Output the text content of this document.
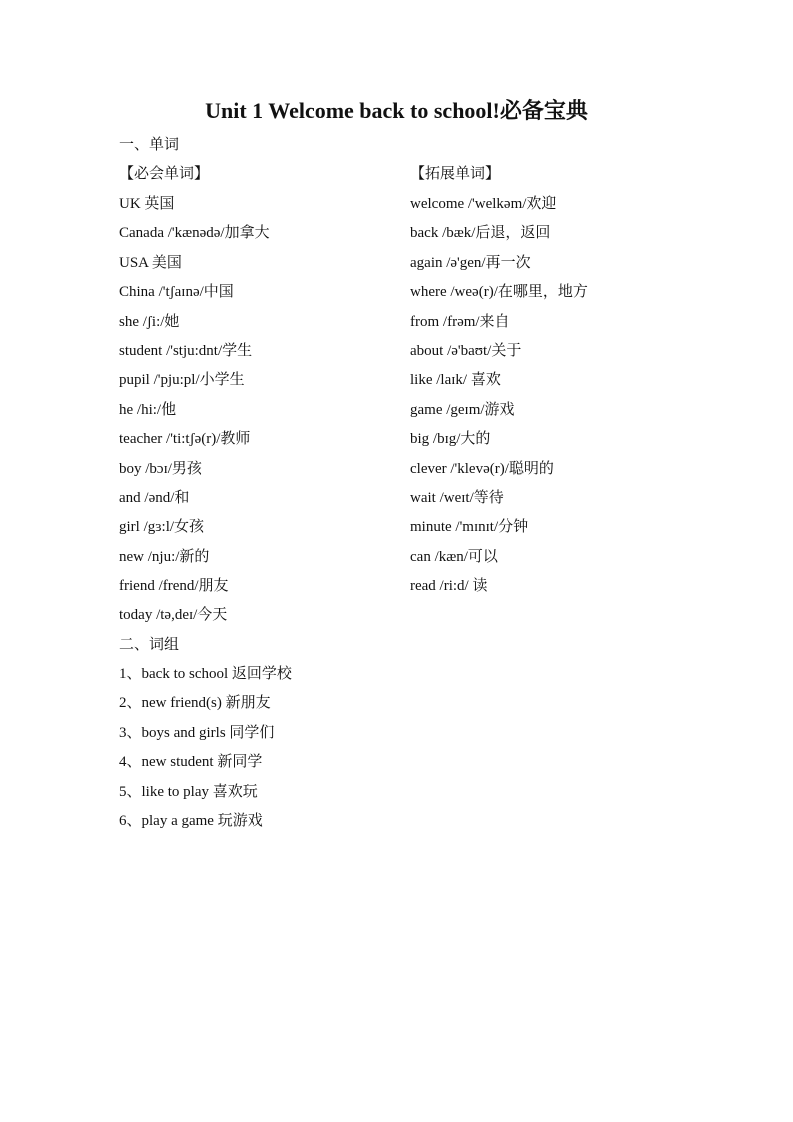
Unit 1 Welcome back to school!必备宝典
一、单词
【必会单词】	【拓展单词】
UK 英国
Canada /'kænədə/加拿大
USA 美国
China /'tʃaɪnə/中国
she /ʃi:/她
student /'stju:dnt/学生
pupil /'pju:pl/小学生
he /hi:/他
teacher /'ti:tʃə(r)/教师
boy /bɔɪ/男孩
and /ənd/和
girl /gɜ:l/女孩
new /nju:/新的
friend /frend/朋友
today /tə,deɪ/今天
welcome /'welkəm/欢迎
back /bæk/后退，返回
again /ə'gen/再一次
where /weə(r)/在哪里，地方
from /frəm/来自
about /ə'baʊt/关于
like /laɪk/ 喜欢
game /geɪm/游戏
big /bɪg/大的
clever /'klevə(r)/聪明的
wait /weɪt/等待
minute /'mɪnɪt/分钟
can /kæn/可以
read /ri:d/ 读
二、词组
1、back to school 返回学校
2、new friend(s) 新朋友
3、boys and girls 同学们
4、new student 新同学
5、like to play 喜欢玩
6、play a game 玩游戏
